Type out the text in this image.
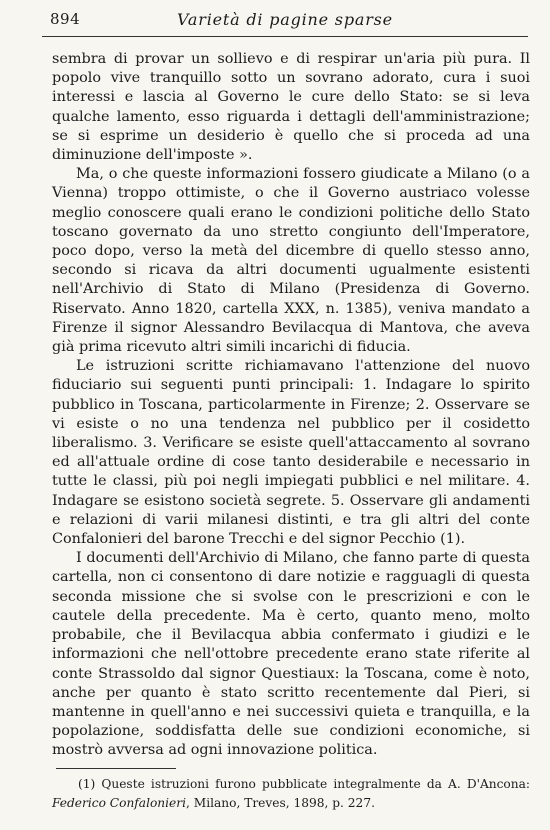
894	Varietà di pagine sparse

sembra di provar un sollievo e di respirar un'aria più pura. Il popolo vive tranquillo sotto un sovrano adorato, cura i suoi interessi e lascia al Governo le cure dello Stato: se si leva qualche lamento, esso riguarda i dettagli dell'amministrazione; se si esprime un desiderio è quello che si proceda ad una diminuzione dell'imposte ».

Ma, o che queste informazioni fossero giudicate a Milano (o a Vienna) troppo ottimiste, o che il Governo austriaco volesse meglio conoscere quali erano le condizioni politiche dello Stato toscano governato da uno stretto congiunto dell'Imperatore, poco dopo, verso la metà del dicembre di quello stesso anno, secondo si ricava da altri documenti ugualmente esistenti nell'Archivio di Stato di Milano (Presidenza di Governo. Riservato. Anno 1820, cartella XXX, n. 1385), veniva mandato a Firenze il signor Alessandro Bevilacqua di Mantova, che aveva già prima ricevuto altri simili incarichi di fiducia.

Le istruzioni scritte richiamavano l'attenzione del nuovo fiduciario sui seguenti punti principali: 1. Indagare lo spirito pubblico in Toscana, particolarmente in Firenze; 2. Osservare se vi esiste o no una tendenza nel pubblico per il cosidetto liberalismo. 3. Verificare se esiste quell'attaccamento al sovrano ed all'attuale ordine di cose tanto desiderabile e necessario in tutte le classi, più poi negli impiegati pubblici e nel militare. 4. Indagare se esistono società segrete. 5. Osservare gli andamenti e relazioni di varii milanesi distinti, e tra gli altri del conte Confalonieri del barone Trecchi e del signor Pecchio (1).

I documenti dell'Archivio di Milano, che fanno parte di questa cartella, non ci consentono di dare notizie e ragguagli di questa seconda missione che si svolse con le prescrizioni e con le cautele della precedente. Ma è certo, quanto meno, molto probabile, che il Bevilacqua abbia confermato i giudizi e le informazioni che nell'ottobre precedente erano state riferite al conte Strassoldo dal signor Questiaux: la Toscana, come è noto, anche per quanto è stato scritto recentemente dal Pieri, si mantenne in quell'anno e nei successivi quieta e tranquilla, e la popolazione, soddisfatta delle sue condizioni economiche, si mostrò avversa ad ogni innovazione politica.

(1) Queste istruzioni furono pubblicate integralmente da A. D'Ancona: Federico Confalonieri, Milano, Treves, 1898, p. 227.
